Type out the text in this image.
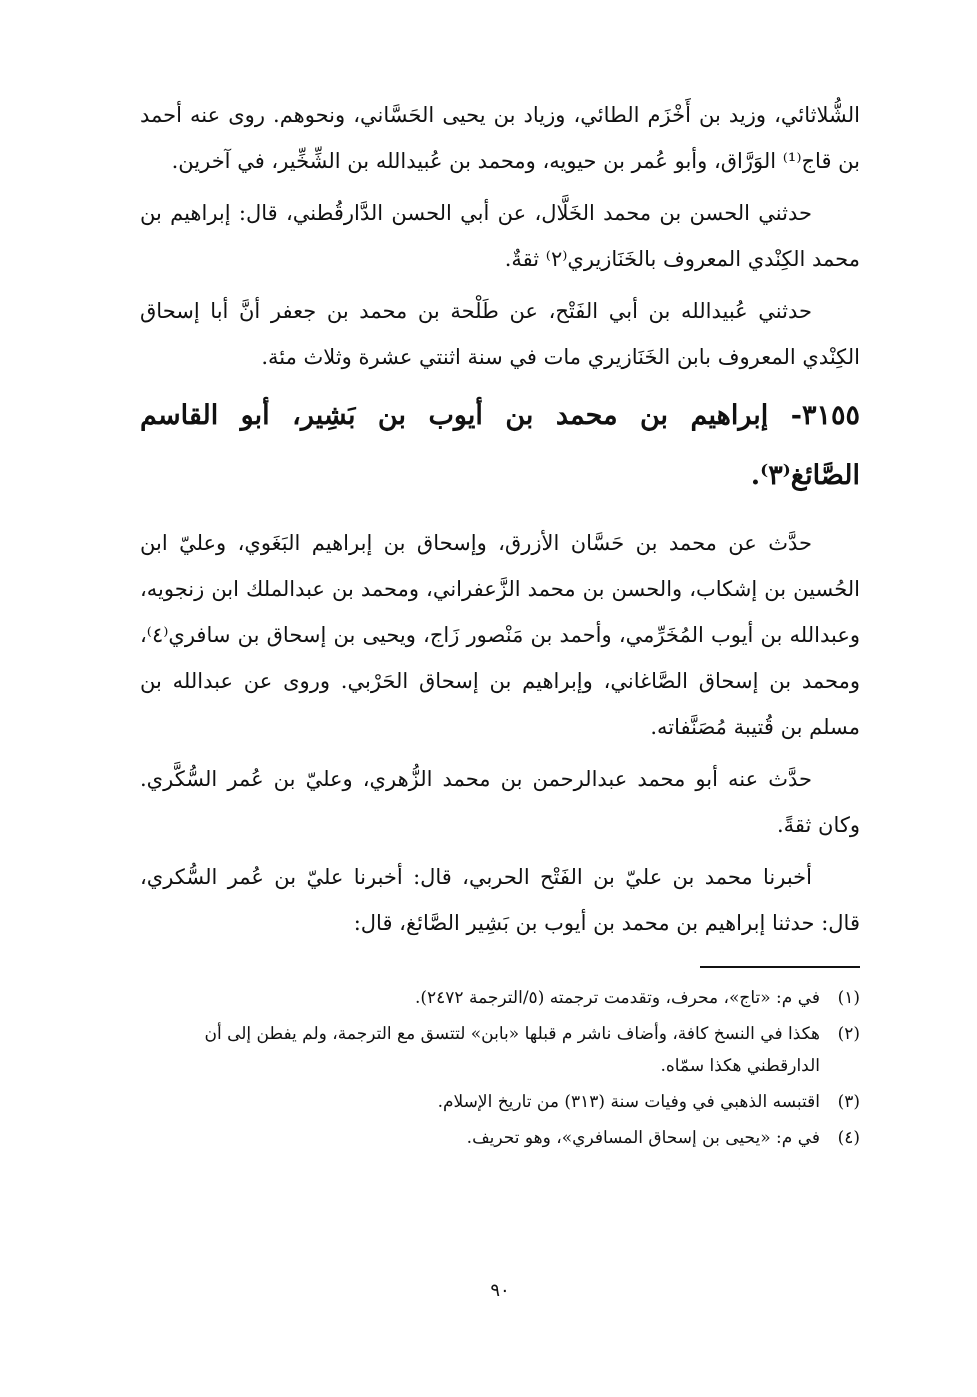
الشُّلاثائي، وزيد بن أَخْزَم الطائي، وزياد بن يحيى الحَسَّاني، ونحوهم. روى عنه أحمد بن قاج⁽¹⁾ الوَرَّاق، وأبو عُمر بن حيويه، ومحمد بن عُبيدالله بن الشِّخِّير، في آخرين.

حدثني الحسن بن محمد الخَلَّال، عن أبي الحسن الدَّارقُطني، قال: إبراهيم بن محمد الكِنْدي المعروف بالخَنَازيري⁽٢⁾ ثقةٌ.

حدثني عُبيدالله بن أبي الفَتْح، عن طَلْحة بن محمد بن جعفر أنَّ أبا إسحاق الكِنْدي المعروف بابن الخَنَازيري مات في سنة اثنتي عشرة وثلاث مئة.

٣١٥٥- إبراهيم بن محمد بن أيوب بن بَشِير، أبو القاسم الصَّائغ⁽٣⁾.

حدَّث عن محمد بن حَسَّان الأزرق، وإسحاق بن إبراهيم البَغَوي، وعليّ ابن الحُسين بن إشكاب، والحسن بن محمد الزَّعفراني، ومحمد بن عبدالملك ابن زنجويه، وعبدالله بن أيوب المُخَرِّمي، وأحمد بن مَنْصور زَاج، ويحيى بن إسحاق بن سافري⁽٤⁾، ومحمد بن إسحاق الصَّاغاني، وإبراهيم بن إسحاق الحَرْبي. وروى عن عبدالله بن مسلم بن قُتيبة مُصَنَّفاته.

حدَّث عنه أبو محمد عبدالرحمن بن محمد الزُّهري، وعليّ بن عُمر السُّكَّري. وكان ثقةً.

أخبرنا محمد بن عليّ بن الفَتْح الحربي، قال: أخبرنا عليّ بن عُمر السُّكري، قال: حدثنا إبراهيم بن محمد بن أيوب بن بَشِير الصَّائغ، قال:

(١)
في م: «تاج»، محرف، وتقدمت ترجمته (٥/الترجمة ٢٤٧٢).
(٢)
هكذا في النسخ كافة، وأضاف ناشر م قبلها «بابن» لتتسق مع الترجمة، ولم يفطن إلى أن الدارقطني هكذا سمّاه.
(٣)
اقتبسه الذهبي في وفيات سنة (٣١٣) من تاريخ الإسلام.
(٤)
في م: «يحيى بن إسحاق المسافري»، وهو تحريف.
٩٠
